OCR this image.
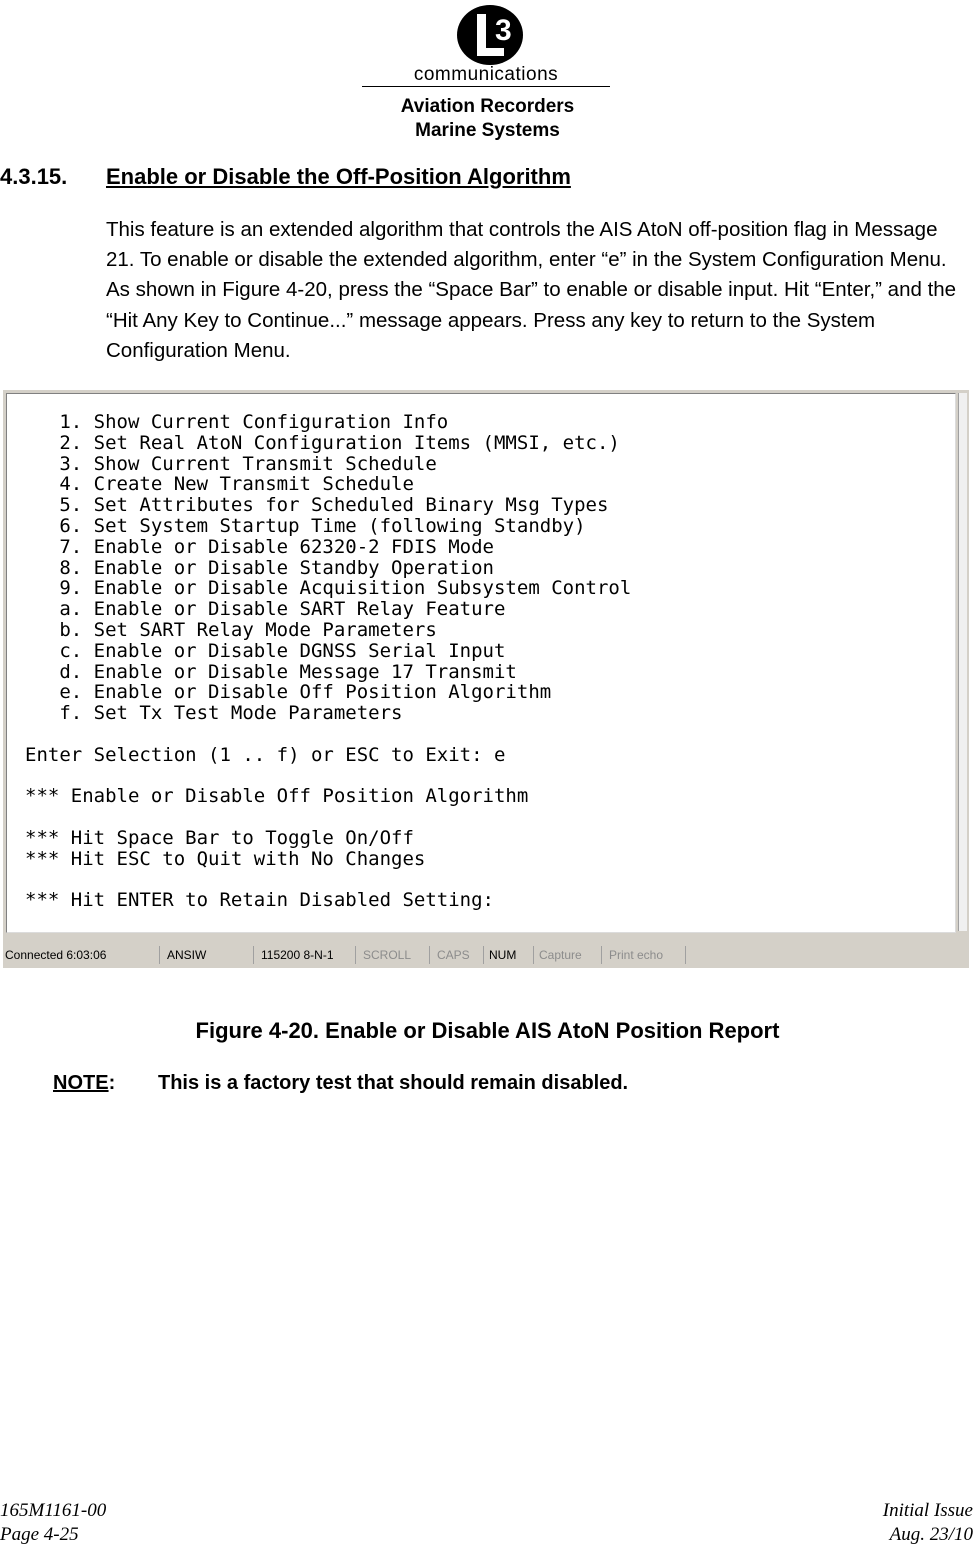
3
communications
Aviation Recorders
Marine Systems
4.3.15. Enable or Disable the Off-Position Algorithm
This feature is an extended algorithm that controls the AIS AtoN off-position flag in Message 21. To enable or disable the extended algorithm, enter “e” in the System Configuration Menu. As shown in Figure 4-20, press the “Space Bar” to enable or disable input. Hit “Enter,” and the “Hit Any Key to Continue...” message appears. Press any key to return to the System Configuration Menu.
1. Show Current Configuration Info
2. Set Real AtoN Configuration Items (MMSI, etc.)
3. Show Current Transmit Schedule
4. Create New Transmit Schedule
5. Set Attributes for Scheduled Binary Msg Types
6. Set System Startup Time (following Standby)
7. Enable or Disable 62320-2 FDIS Mode
8. Enable or Disable Standby Operation
9. Enable or Disable Acquisition Subsystem Control
a. Enable or Disable SART Relay Feature
b. Set SART Relay Mode Parameters
c. Enable or Disable DGNSS Serial Input
d. Enable or Disable Message 17 Transmit
e. Enable or Disable Off Position Algorithm
f. Set Tx Test Mode Parameters

Enter Selection (1 .. f) or ESC to Exit: e

*** Enable or Disable Off Position Algorithm

*** Hit Space Bar to Toggle On/Off
*** Hit ESC to Quit with No Changes

*** Hit ENTER to Retain Disabled Setting:
Connected 6:03:06	ANSIW	115200 8-N-1	SCROLL	CAPS	NUM	Capture	Print echo
Figure 4-20. Enable or Disable AIS AtoN Position Report
NOTE: This is a factory test that should remain disabled.
165M1161-00
Page 4-25
Initial Issue
Aug. 23/10
